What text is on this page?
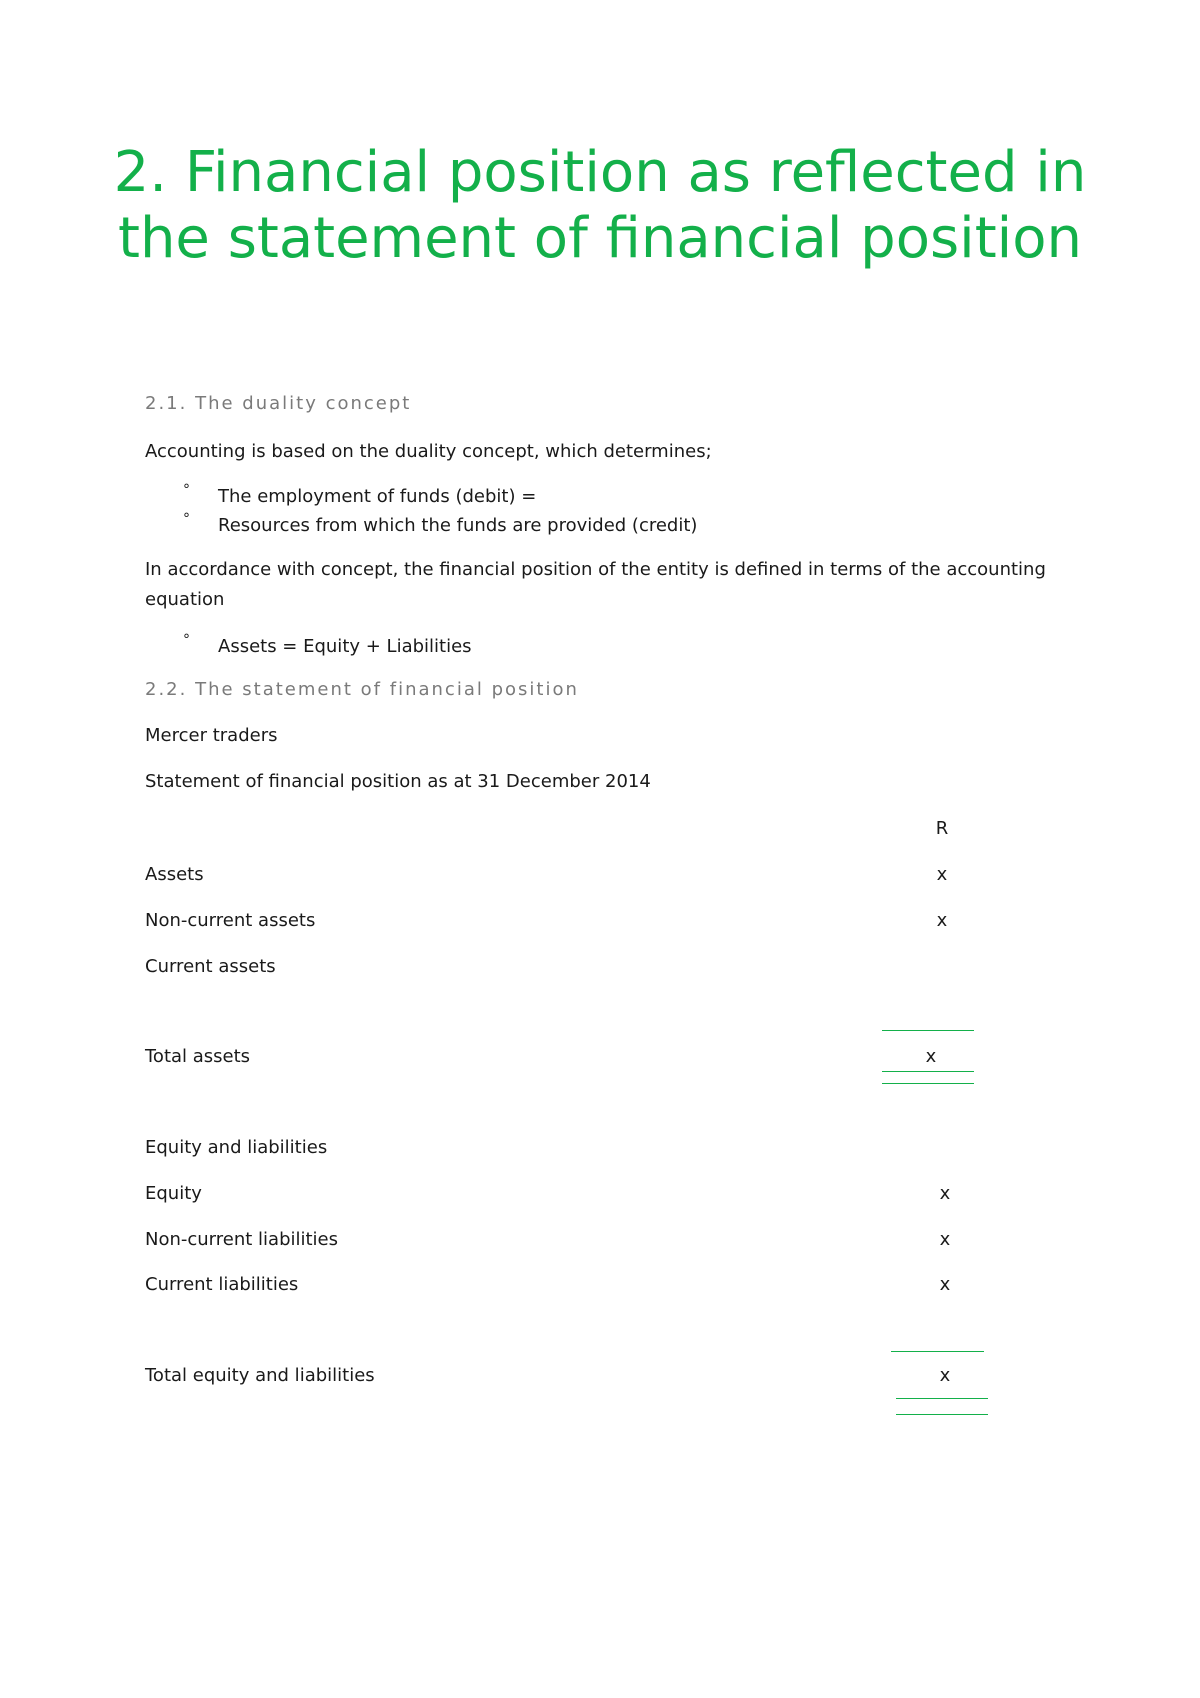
2. Financial position as reflected in the statement of financial position

2.1. The duality concept

Accounting is based on the duality concept, which determines;

° The employment of funds (debit) =
° Resources from which the funds are provided (credit)

In accordance with concept, the financial position of the entity is defined in terms of the accounting

equation

° Assets = Equity + Liabilities

2.2. The statement of financial position

Mercer traders

Statement of financial position as at 31 December 2014

R
Assets	x
Non-current assets	x
Current assets
Total assets	x
Equity and liabilities
Equity	x
Non-current liabilities	x
Current liabilities	x
Total equity and liabilities	x
